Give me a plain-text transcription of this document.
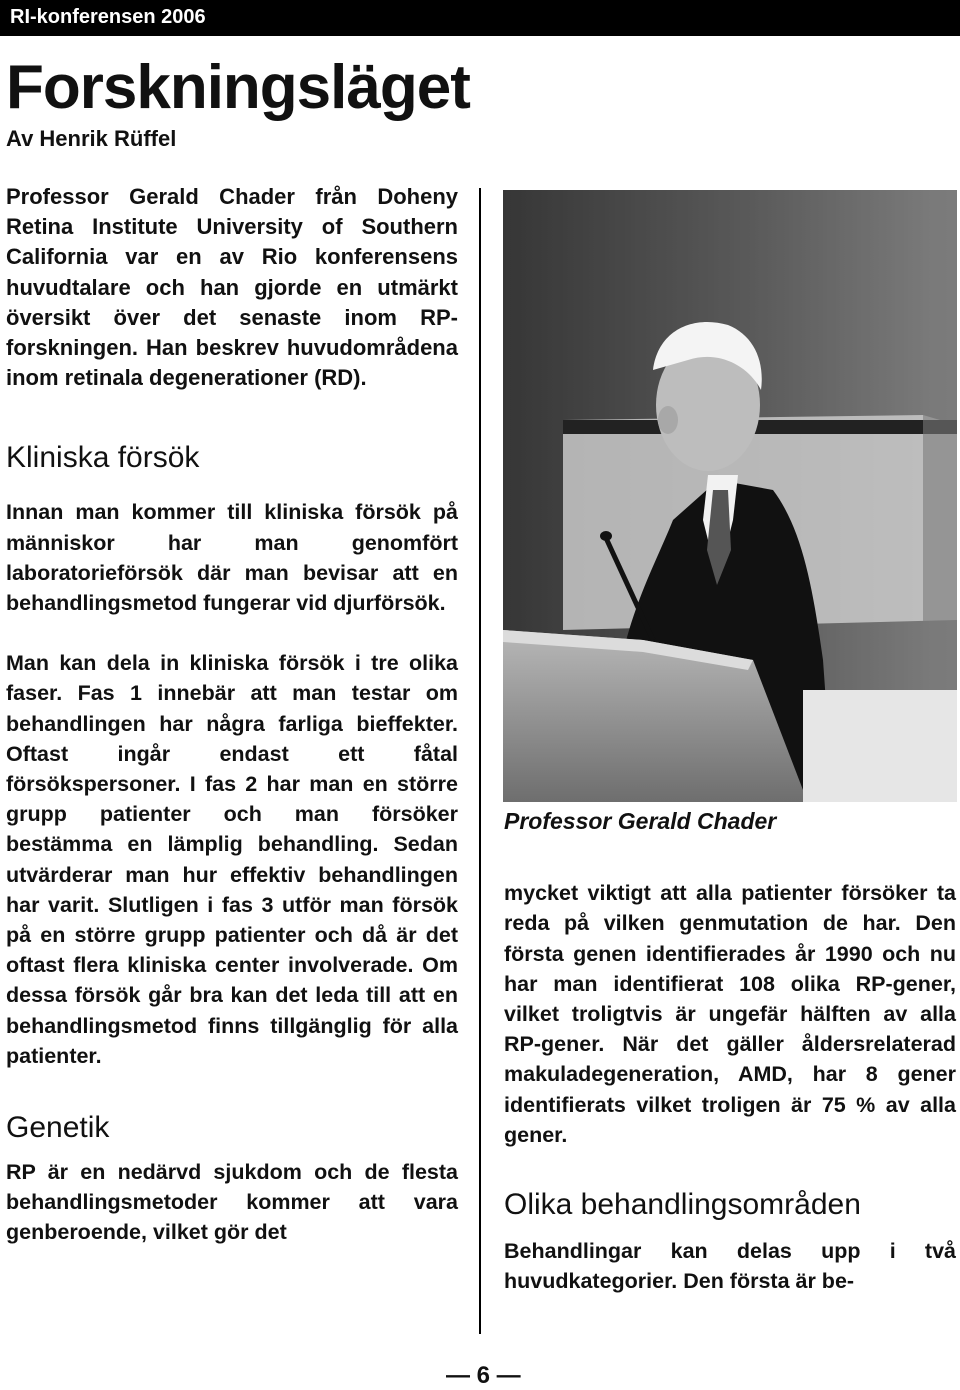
RI-konferensen 2006
Forskningsläget
Av Henrik Rüffel

Professor Gerald Chader från Doheny Retina Institute University of Southern California var en av Rio konferensens huvudtalare och han gjorde en utmärkt översikt över det senaste inom RP-forskningen. Han beskrev huvudområdena inom retinala degenerationer (RD).

Kliniska försök

Innan man kommer till kliniska försök på människor har man genomfört laboratorieförsök där man bevisar att en behandlingsmetod fungerar vid djurförsök.

Man kan dela in kliniska försök i tre olika faser. Fas 1 innebär att man testar om behandlingen har några farliga bieffekter. Oftast ingår endast ett fåtal försökspersoner. I fas 2 har man en större grupp patienter och man försöker bestämma en lämplig behandling. Sedan utvärderar man hur effektiv behandlingen har varit. Slutligen i fas 3 utför man försök på en större grupp patienter och då är det oftast flera kliniska center involverade. Om dessa försök går bra kan det leda till att en behandlingsmetod finns tillgänglig för alla patienter.

Genetik

RP är en nedärvd sjukdom och de flesta behandlingsmetoder kommer att vara genberoende, vilket gör det

Professor Gerald Chader

mycket viktigt att alla patienter försöker ta reda på vilken genmutation de har. Den första genen identifierades år 1990 och nu har man identifierat 108 olika RP-gener, vilket troligtvis är ungefär hälften av alla RP-gener. När det gäller åldersrelaterad makuladegeneration, AMD, har 8 gener identifierats vilket troligen är 75 % av alla gener.

Olika behandlingsområden

Behandlingar kan delas upp i två huvudkategorier. Den första är be-

— 6 —
